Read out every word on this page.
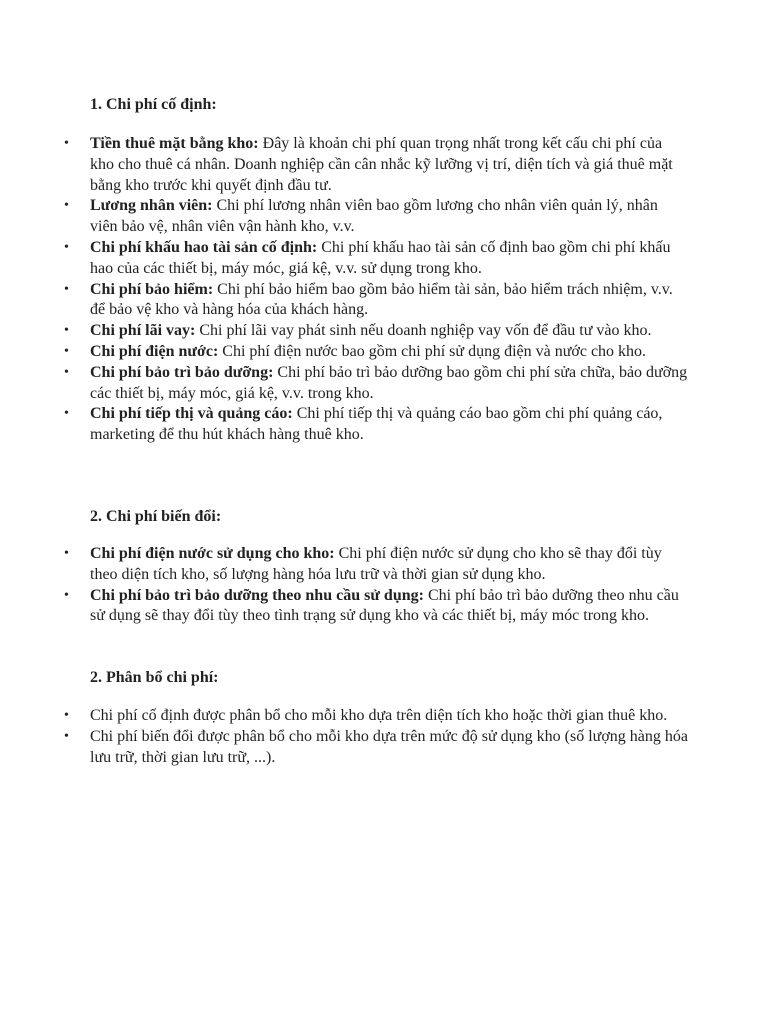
1. Chi phí cố định:

• Tiền thuê mặt bằng kho: Đây là khoản chi phí quan trọng nhất trong kết cấu chi phí của kho cho thuê cá nhân. Doanh nghiệp cần cân nhắc kỹ lưỡng vị trí, diện tích và giá thuê mặt bằng kho trước khi quyết định đầu tư.
• Lương nhân viên: Chi phí lương nhân viên bao gồm lương cho nhân viên quản lý, nhân viên bảo vệ, nhân viên vận hành kho, v.v.
• Chi phí khấu hao tài sản cố định: Chi phí khấu hao tài sản cố định bao gồm chi phí khấu hao của các thiết bị, máy móc, giá kệ, v.v. sử dụng trong kho.
• Chi phí bảo hiểm: Chi phí bảo hiểm bao gồm bảo hiểm tài sản, bảo hiểm trách nhiệm, v.v. để bảo vệ kho và hàng hóa của khách hàng.
• Chi phí lãi vay: Chi phí lãi vay phát sinh nếu doanh nghiệp vay vốn để đầu tư vào kho.
• Chi phí điện nước: Chi phí điện nước bao gồm chi phí sử dụng điện và nước cho kho.
• Chi phí bảo trì bảo dưỡng: Chi phí bảo trì bảo dưỡng bao gồm chi phí sửa chữa, bảo dưỡng các thiết bị, máy móc, giá kệ, v.v. trong kho.
• Chi phí tiếp thị và quảng cáo: Chi phí tiếp thị và quảng cáo bao gồm chi phí quảng cáo, marketing để thu hút khách hàng thuê kho.

2. Chi phí biến đổi:

• Chi phí điện nước sử dụng cho kho: Chi phí điện nước sử dụng cho kho sẽ thay đổi tùy theo diện tích kho, số lượng hàng hóa lưu trữ và thời gian sử dụng kho.
• Chi phí bảo trì bảo dưỡng theo nhu cầu sử dụng: Chi phí bảo trì bảo dưỡng theo nhu cầu sử dụng sẽ thay đổi tùy theo tình trạng sử dụng kho và các thiết bị, máy móc trong kho.

2. Phân bổ chi phí:

• Chi phí cố định được phân bổ cho mỗi kho dựa trên diện tích kho hoặc thời gian thuê kho.
• Chi phí biến đổi được phân bổ cho mỗi kho dựa trên mức độ sử dụng kho (số lượng hàng hóa lưu trữ, thời gian lưu trữ, ...).
